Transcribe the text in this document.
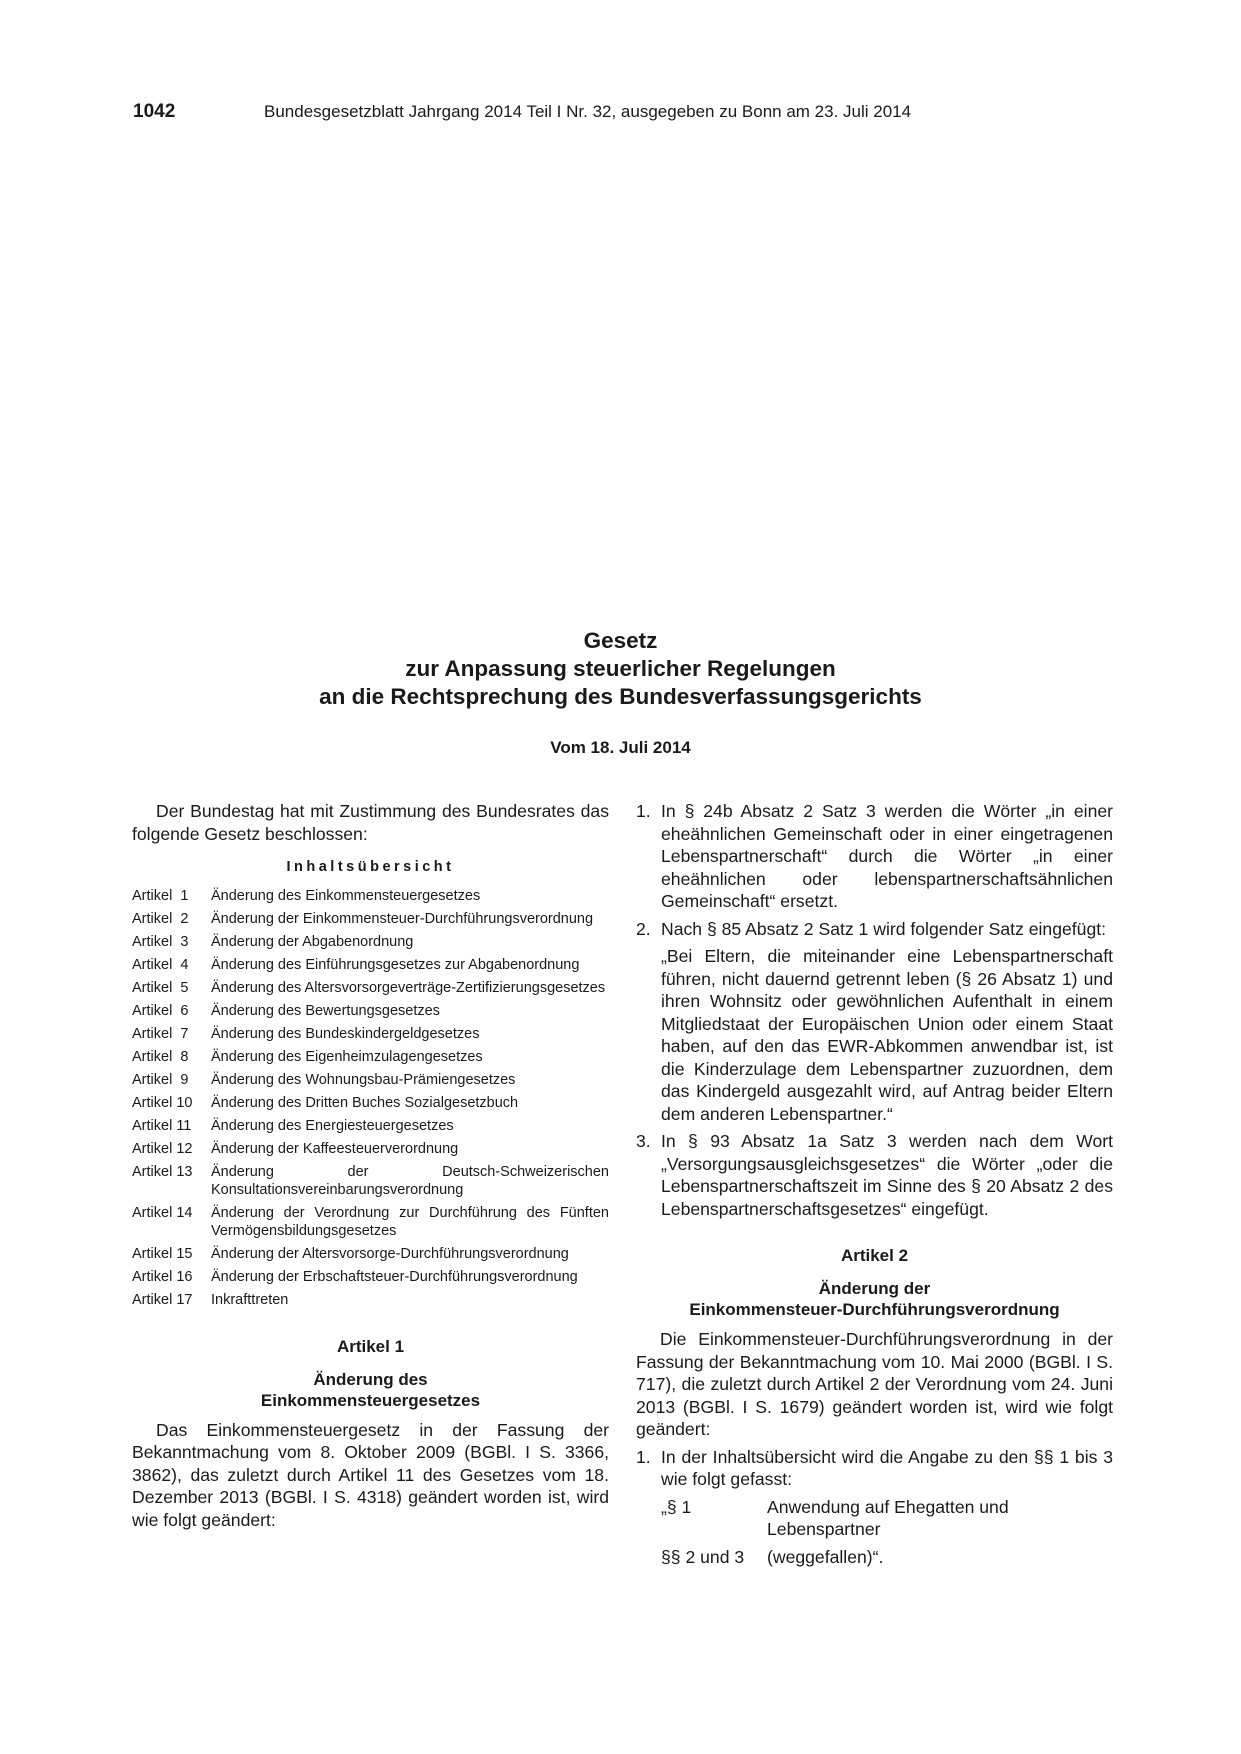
1042	Bundesgesetzblatt Jahrgang 2014 Teil I Nr. 32, ausgegeben zu Bonn am 23. Juli 2014
Gesetz
zur Anpassung steuerlicher Regelungen
an die Rechtsprechung des Bundesverfassungsgerichts
Vom 18. Juli 2014

Der Bundestag hat mit Zustimmung des Bundesrates das folgende Gesetz beschlossen:

Inhaltsübersicht
Artikel  1	Änderung des Einkommensteuergesetzes
Artikel  2	Änderung der Einkommensteuer-Durchführungsverordnung
Artikel  3	Änderung der Abgabenordnung
Artikel  4	Änderung des Einführungsgesetzes zur Abgabenordnung
Artikel  5	Änderung des Altersvorsorgeverträge-Zertifizierungsgesetzes
Artikel  6	Änderung des Bewertungsgesetzes
Artikel  7	Änderung des Bundeskindergeldgesetzes
Artikel  8	Änderung des Eigenheimzulagengesetzes
Artikel  9	Änderung des Wohnungsbau-Prämiengesetzes
Artikel 10	Änderung des Dritten Buches Sozialgesetzbuch
Artikel 11	Änderung des Energiesteuergesetzes
Artikel 12	Änderung der Kaffeesteuerverordnung
Artikel 13	Änderung der Deutsch-Schweizerischen Konsultationsvereinbarungsverordnung
Artikel 14	Änderung der Verordnung zur Durchführung des Fünften Vermögensbildungsgesetzes
Artikel 15	Änderung der Altersvorsorge-Durchführungsverordnung
Artikel 16	Änderung der Erbschaftsteuer-Durchführungsverordnung
Artikel 17	Inkrafttreten
Artikel 1
Änderung des
Einkommensteuergesetzes

Das Einkommensteuergesetz in der Fassung der Bekanntmachung vom 8. Oktober 2009 (BGBl. I S. 3366, 3862), das zuletzt durch Artikel 11 des Gesetzes vom 18. Dezember 2013 (BGBl. I S. 4318) geändert worden ist, wird wie folgt geändert:

1. In § 24b Absatz 2 Satz 3 werden die Wörter „in einer eheähnlichen Gemeinschaft oder in einer eingetragenen Lebenspartnerschaft“ durch die Wörter „in einer eheähnlichen oder lebenspartnerschaftsähnlichen Gemeinschaft“ ersetzt.
2. Nach § 85 Absatz 2 Satz 1 wird folgender Satz eingefügt:

„Bei Eltern, die miteinander eine Lebenspartnerschaft führen, nicht dauernd getrennt leben (§ 26 Absatz 1) und ihren Wohnsitz oder gewöhnlichen Aufenthalt in einem Mitgliedstaat der Europäischen Union oder einem Staat haben, auf den das EWR-Abkommen anwendbar ist, ist die Kinderzulage dem Lebenspartner zuzuordnen, dem das Kindergeld ausgezahlt wird, auf Antrag beider Eltern dem anderen Lebenspartner.“

3. In § 93 Absatz 1a Satz 3 werden nach dem Wort „Versorgungsausgleichsgesetzes“ die Wörter „oder die Lebenspartnerschaftszeit im Sinne des § 20 Absatz 2 des Lebenspartnerschaftsgesetzes“ eingefügt.
Artikel 2
Änderung der
Einkommensteuer-Durchführungsverordnung

Die Einkommensteuer-Durchführungsverordnung in der Fassung der Bekanntmachung vom 10. Mai 2000 (BGBl. I S. 717), die zuletzt durch Artikel 2 der Verordnung vom 24. Juni 2013 (BGBl. I S. 1679) geändert worden ist, wird wie folgt geändert:

1. In der Inhaltsübersicht wird die Angabe zu den §§ 1 bis 3 wie folgt gefasst:
„§ 1	Anwendung auf Ehegatten und Lebenspartner
§§ 2 und 3	(weggefallen)“.
